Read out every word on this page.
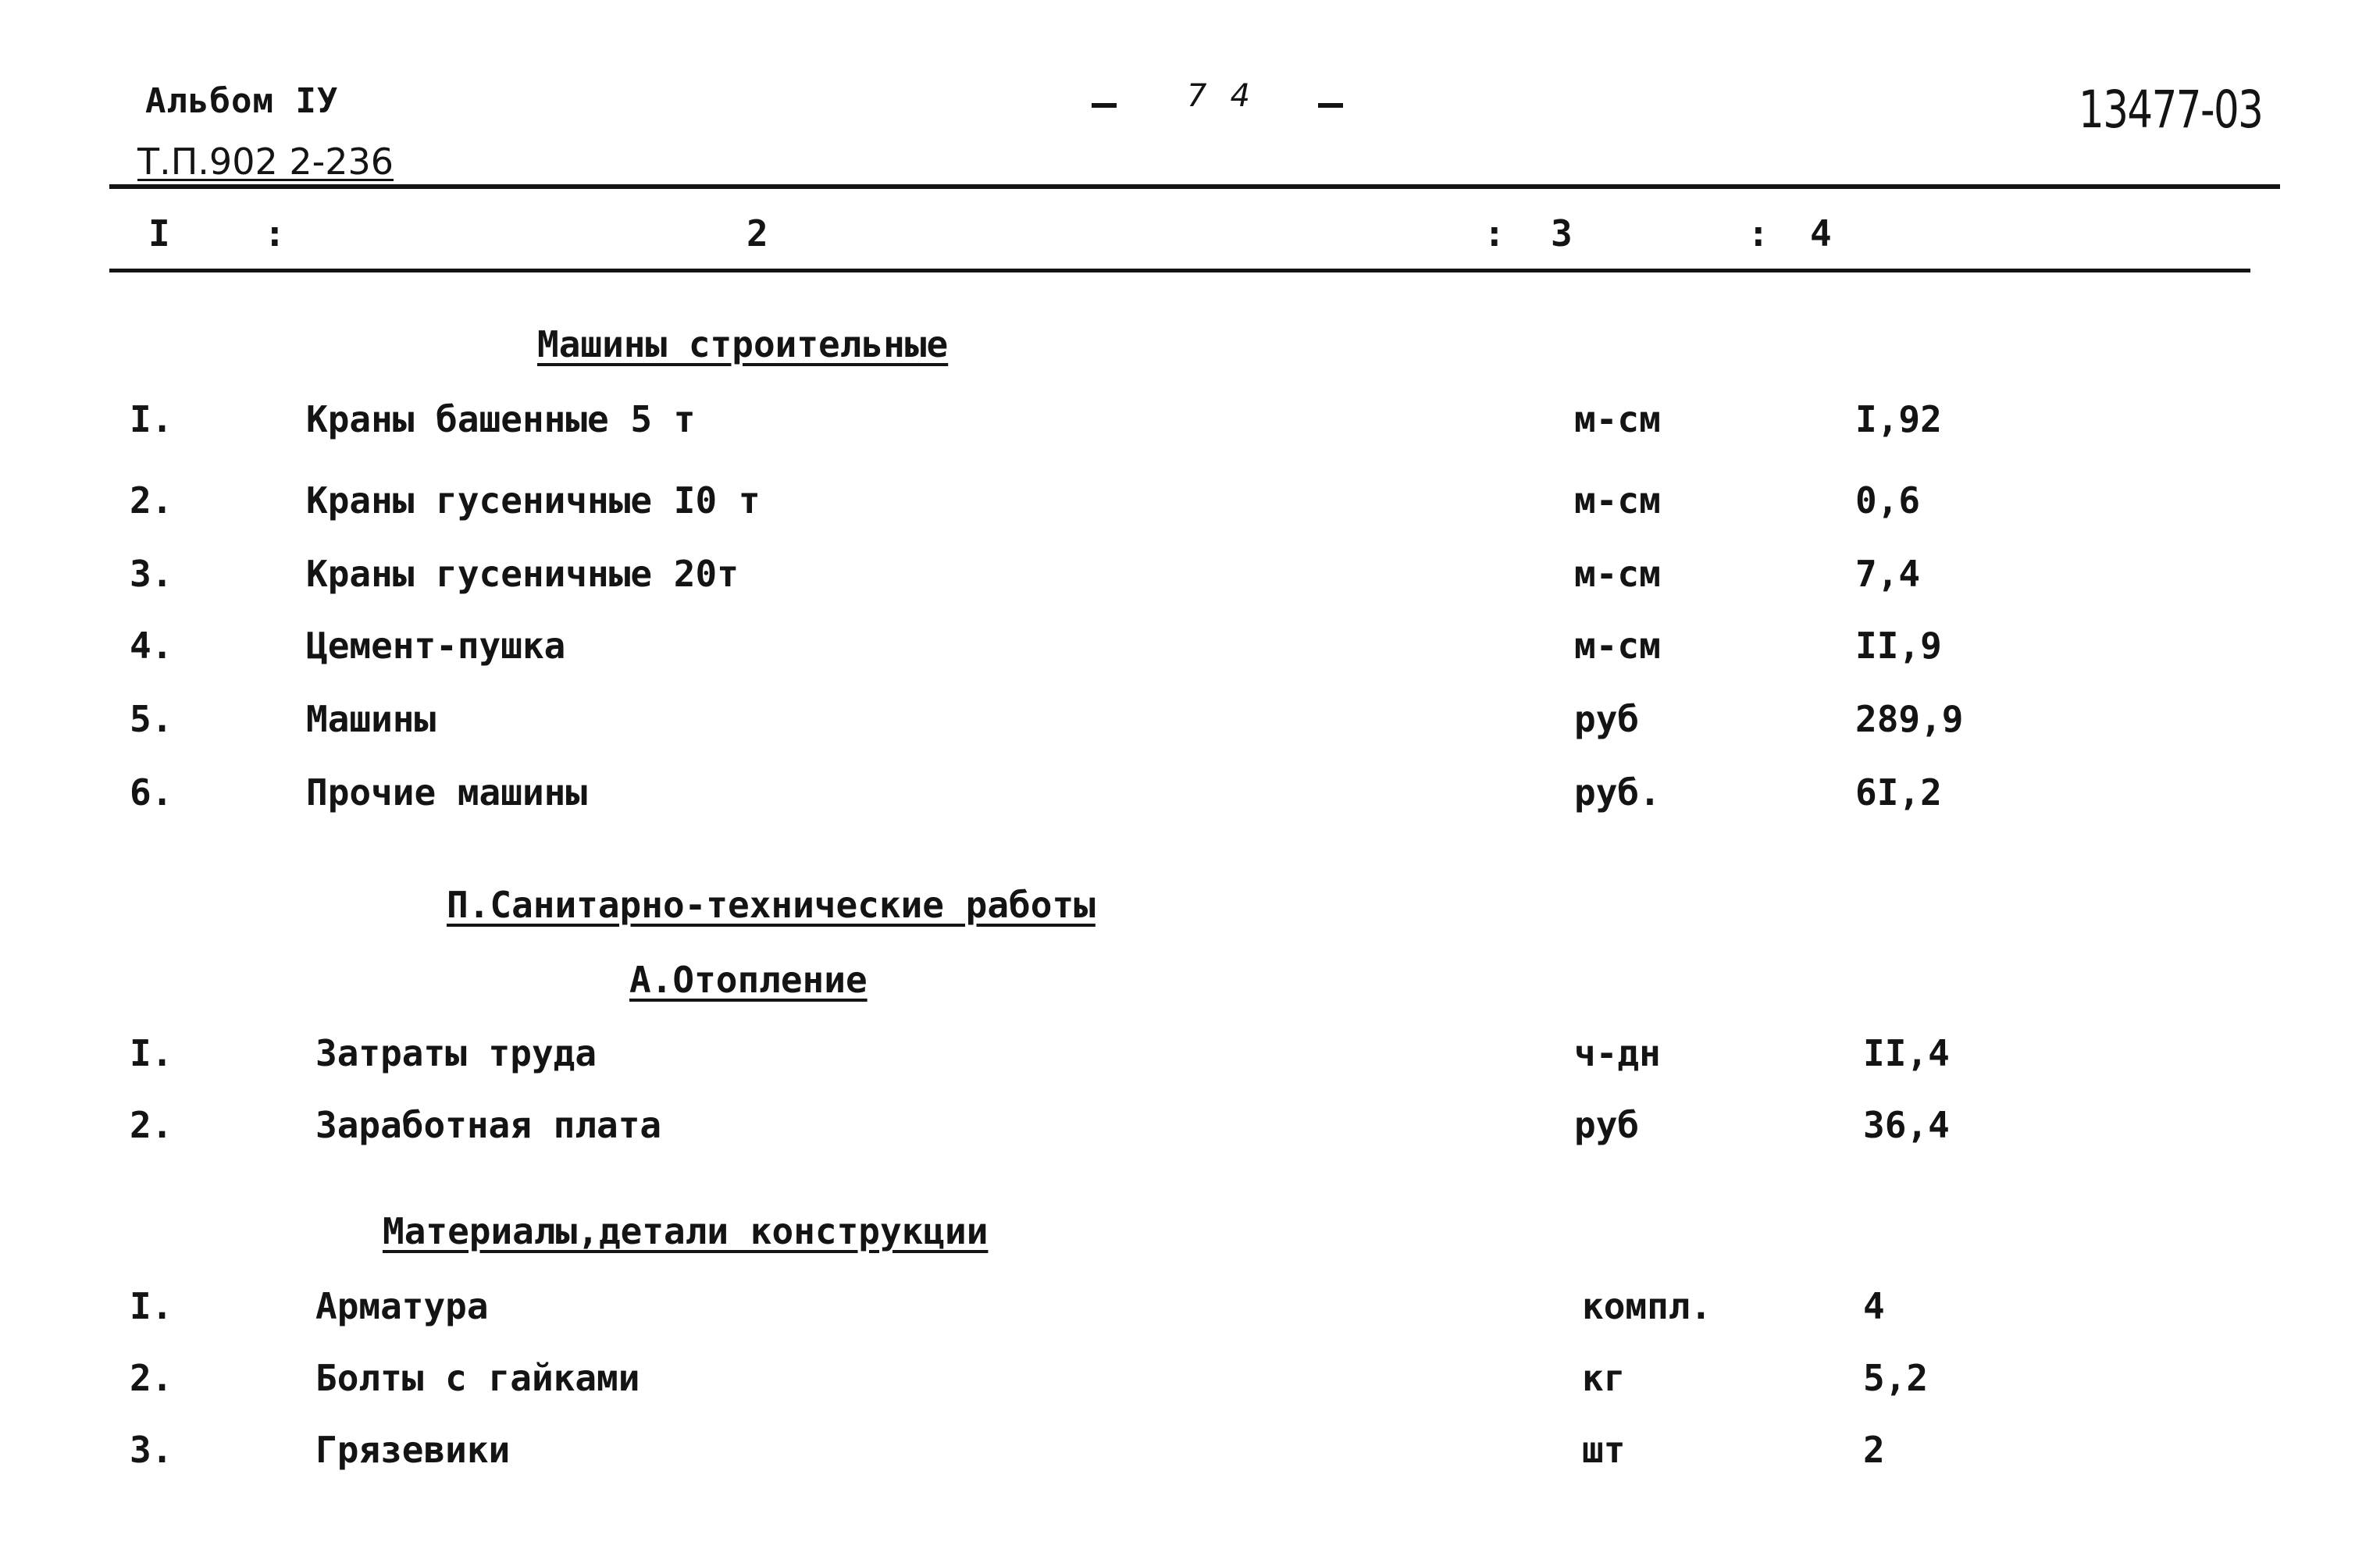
Альбом IУ
Т.П.902 2-236
74	13477-03
I	:	2	: 3	: 4
Машины строительные
I.	Краны башенные 5 т	м-см	I,92
2.	Краны гусеничные I0 т	м-см	0,6
3.	Краны гусеничные 20т	м-см	7,4
4.	Цемент-пушка	м-см	II,9
5.	Машины	руб	289,9
6.	Прочие машины	руб.	6I,2
П.Санитарно-технические работы
А.Отопление
I.	Затраты труда	ч-дн	II,4
2.	Заработная плата	руб	36,4
Материалы,детали конструкции
I.	Арматура	компл.	4
2.	Болты с гайками	кг	5,2
3.	Грязевики	шт	2
